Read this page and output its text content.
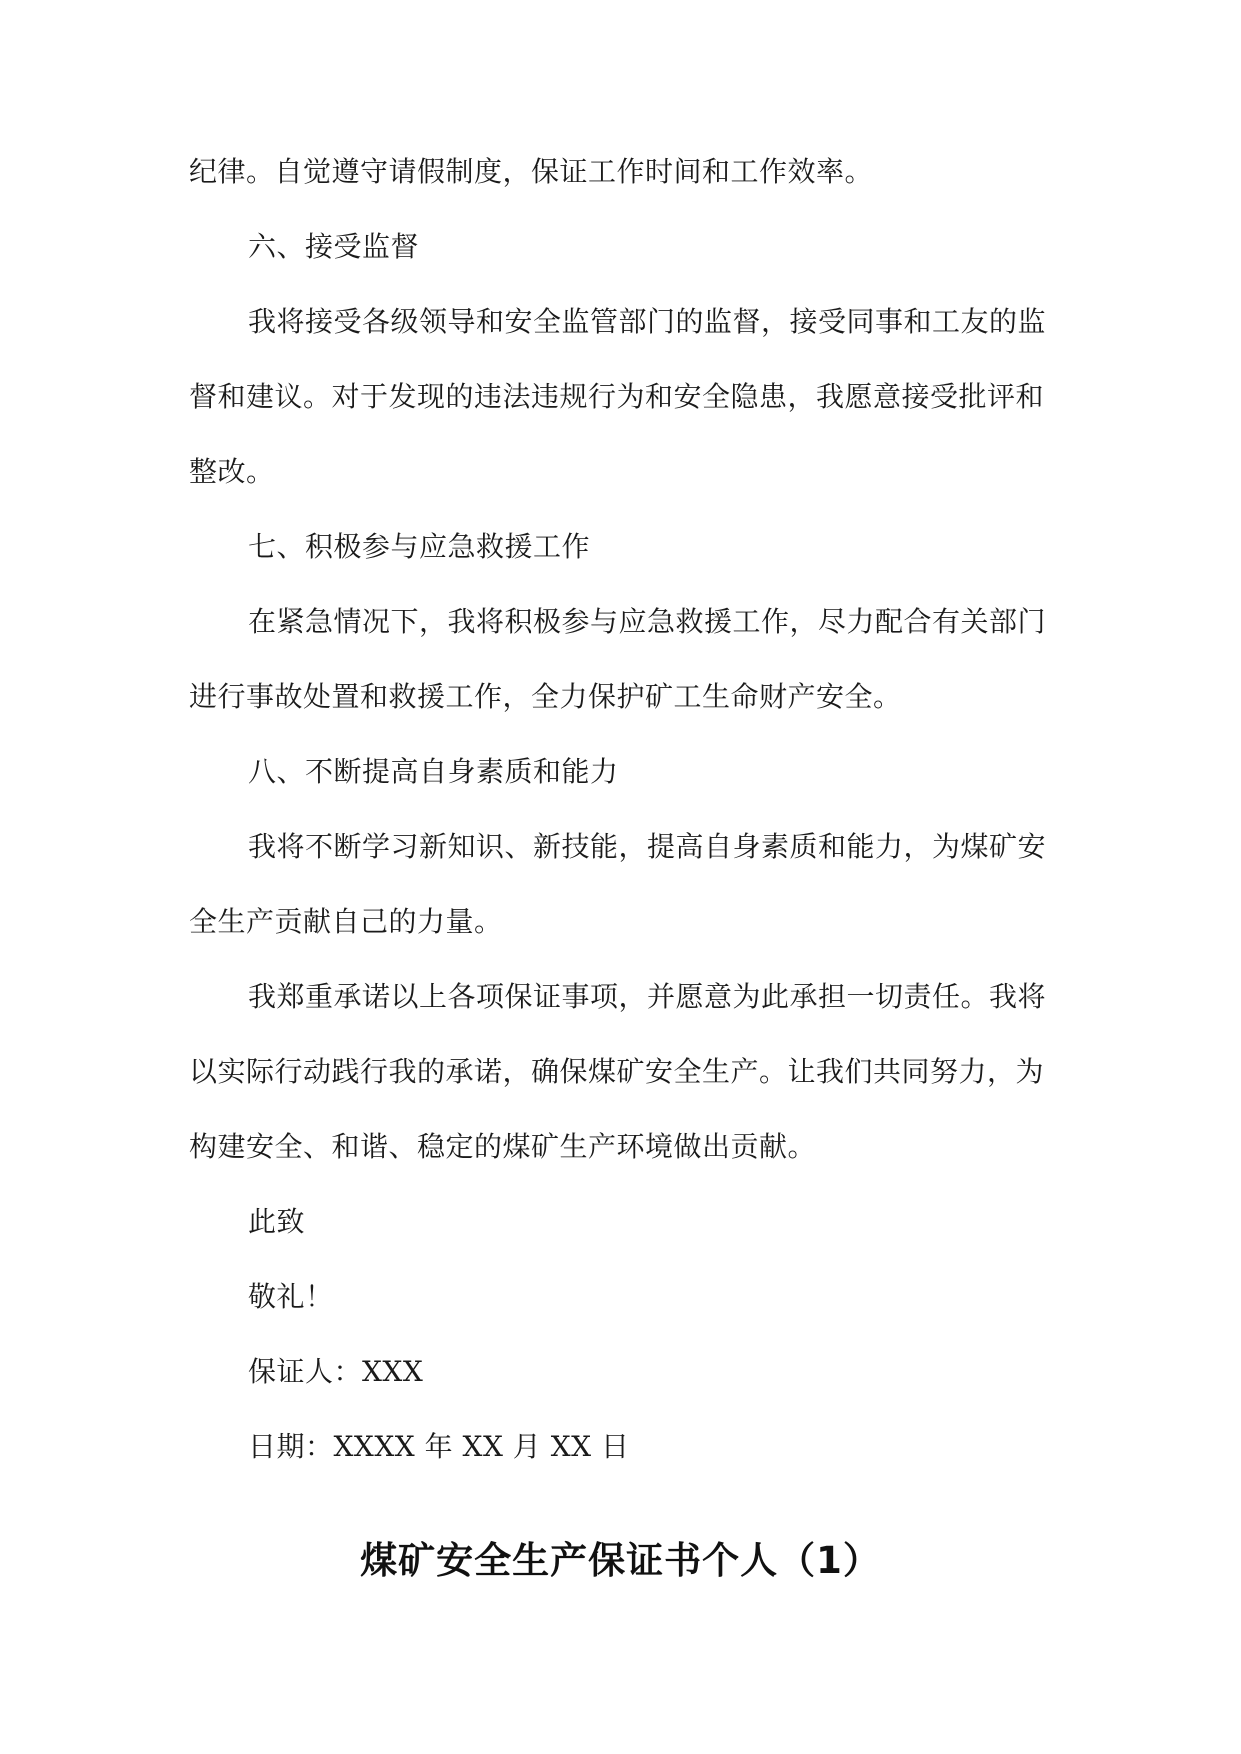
纪律。自觉遵守请假制度，保证工作时间和工作效率。
六、接受监督
我将接受各级领导和安全监管部门的监督，接受同事和工友的监
督和建议。对于发现的违法违规行为和安全隐患，我愿意接受批评和
整改。
七、积极参与应急救援工作
在紧急情况下，我将积极参与应急救援工作，尽力配合有关部门
进行事故处置和救援工作，全力保护矿工生命财产安全。
八、不断提高自身素质和能力
我将不断学习新知识、新技能，提高自身素质和能力，为煤矿安
全生产贡献自己的力量。
我郑重承诺以上各项保证事项，并愿意为此承担一切责任。我将
以实际行动践行我的承诺，确保煤矿安全生产。让我们共同努力，为
构建安全、和谐、稳定的煤矿生产环境做出贡献。
此致
敬礼！
保证人：XXX
日期：XXXX 年 XX 月 XX 日
煤矿安全生产保证书个人（1）
